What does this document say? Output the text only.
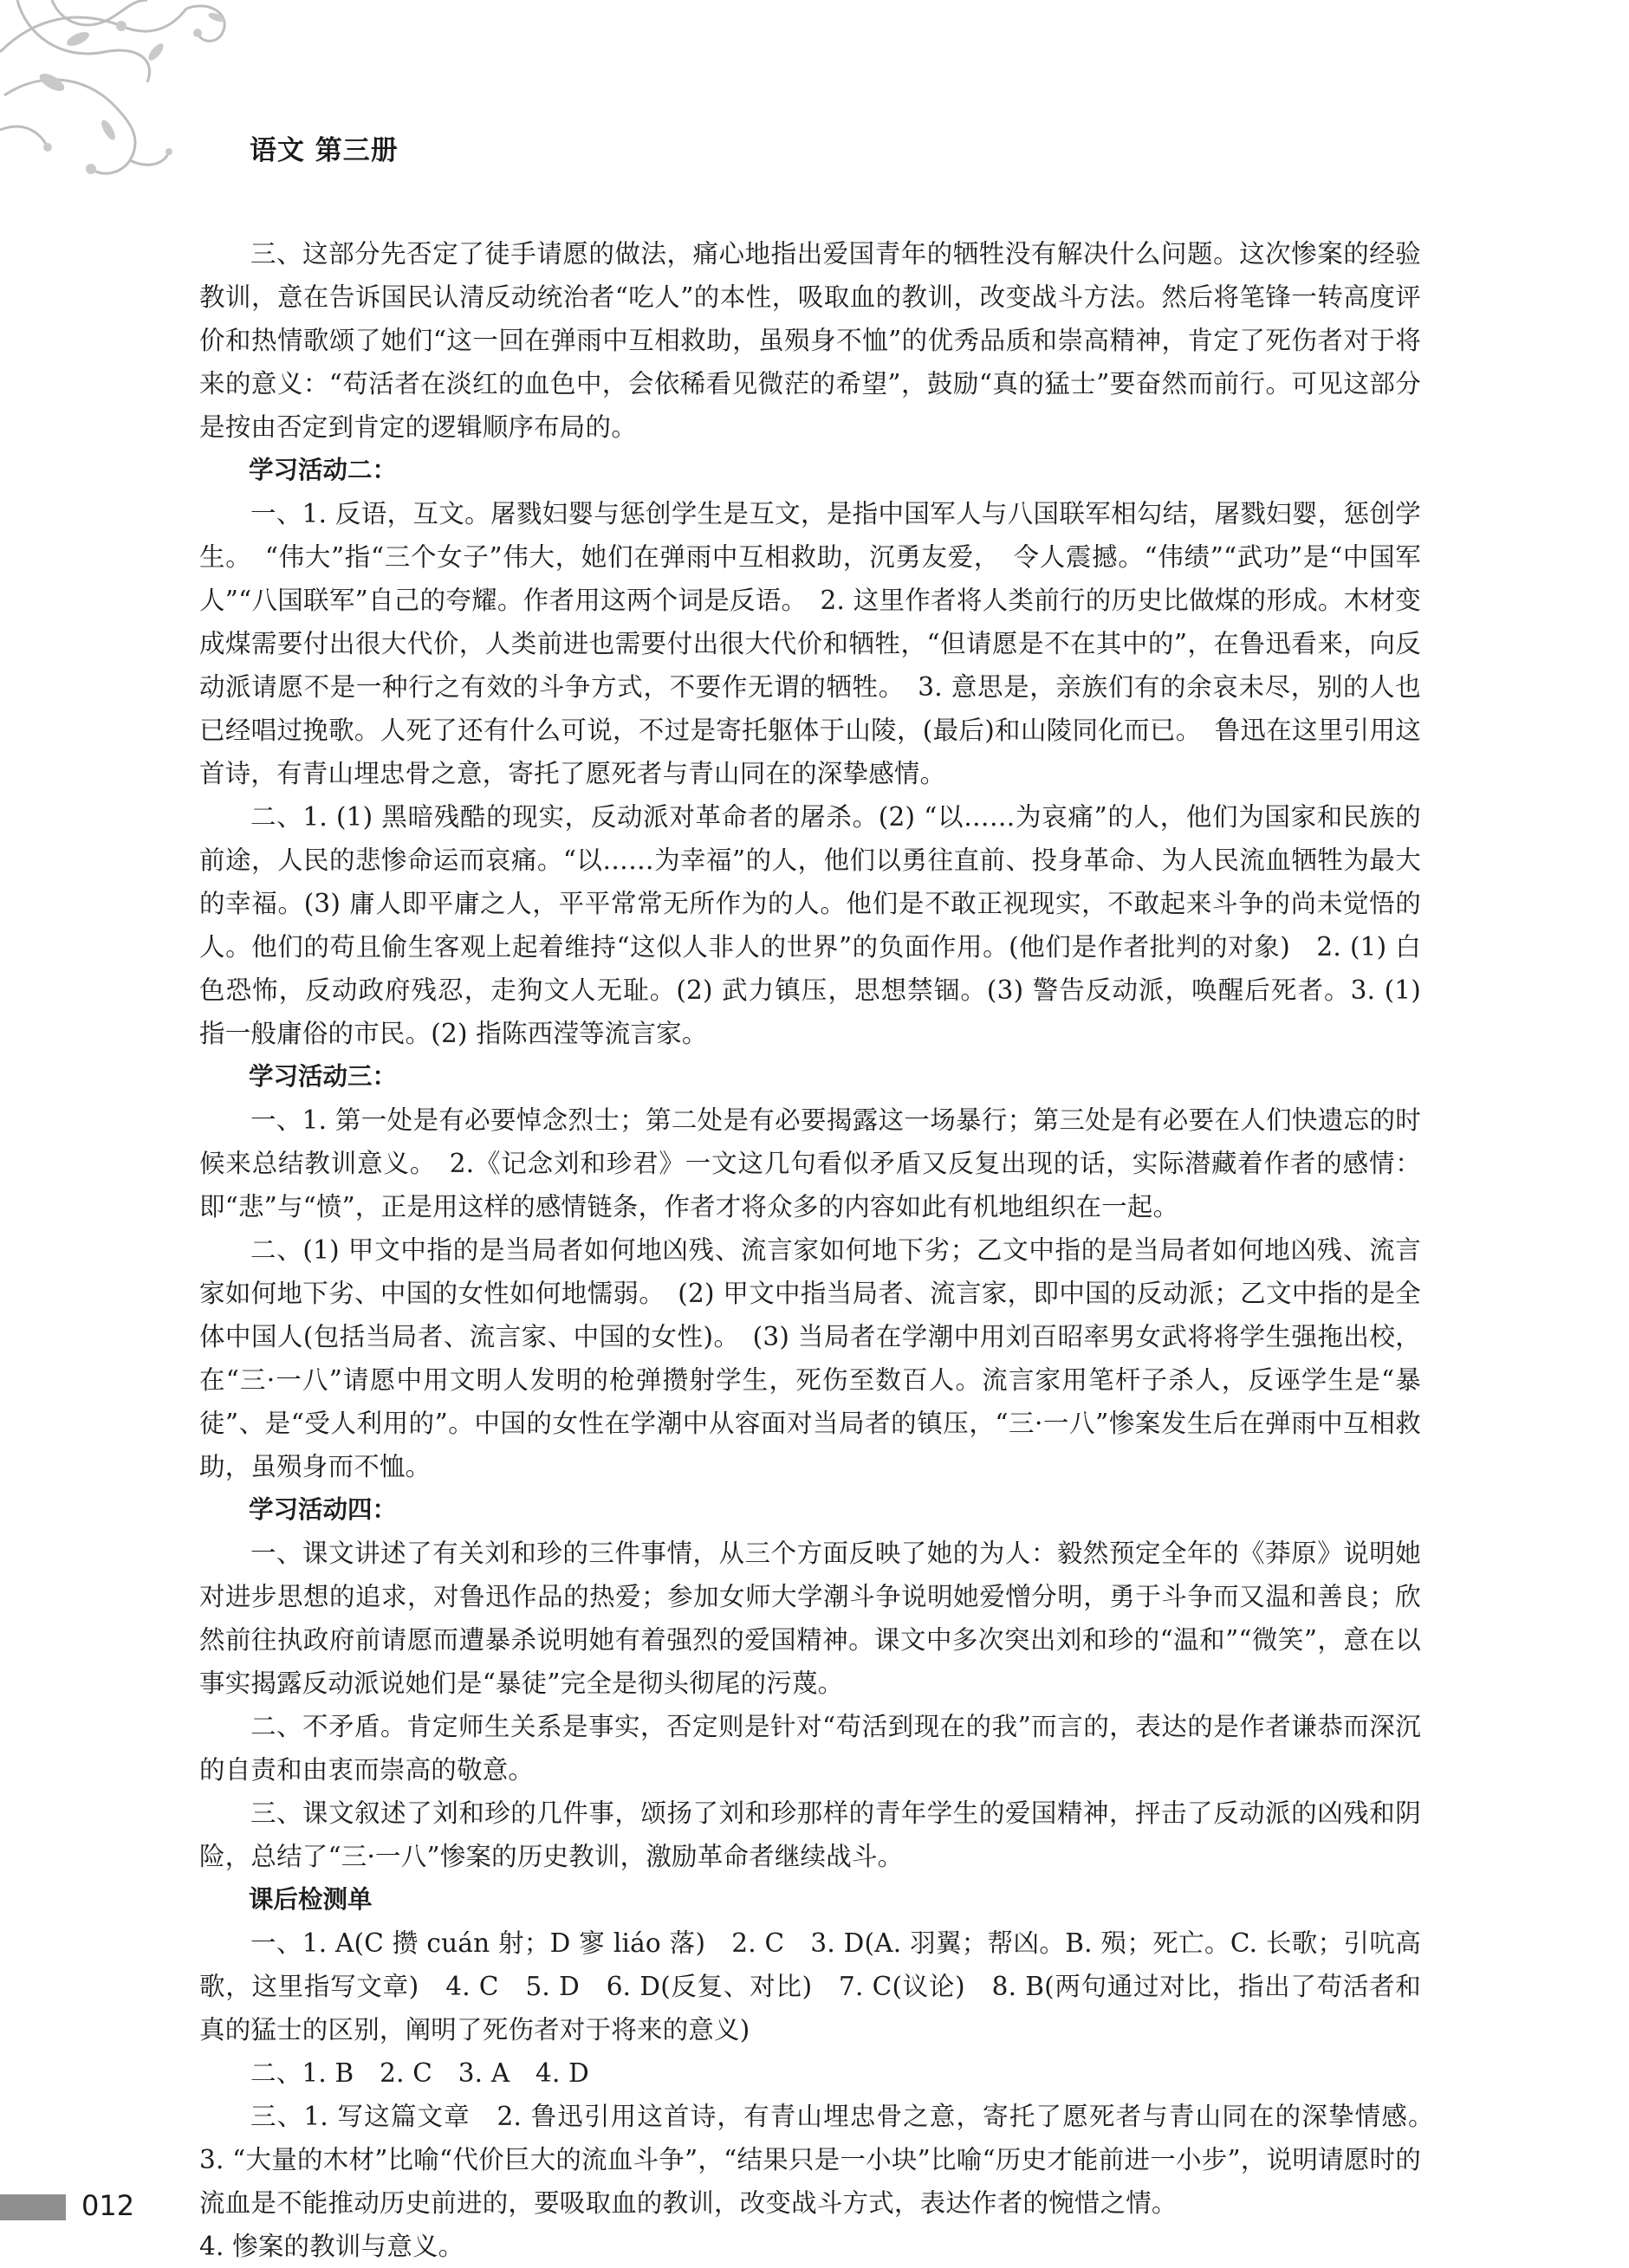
语文 第三册

三、这部分先否定了徒手请愿的做法，痛心地指出爱国青年的牺牲没有解决什么问题。这次惨案的经验教训，意在告诉国民认清反动统治者“吃人”的本性，吸取血的教训，改变战斗方法。然后将笔锋一转高度评价和热情歌颂了她们“这一回在弹雨中互相救助，虽殒身不恤”的优秀品质和崇高精神，肯定了死伤者对于将来的意义：“苟活者在淡红的血色中，会依稀看见微茫的希望”，鼓励“真的猛士”要奋然而前行。可见这部分是按由否定到肯定的逻辑顺序布局的。

学习活动二：

一、1. 反语，互文。屠戮妇婴与惩创学生是互文，是指中国军人与八国联军相勾结，屠戮妇婴，惩创学生。　“伟大”指“三个女子”伟大，她们在弹雨中互相救助，沉勇友爱，　令人震撼。“伟绩”“武功”是“中国军人”“八国联军”自己的夸耀。作者用这两个词是反语。　2. 这里作者将人类前行的历史比做煤的形成。木材变成煤需要付出很大代价，人类前进也需要付出很大代价和牺牲，“但请愿是不在其中的”，在鲁迅看来，向反动派请愿不是一种行之有效的斗争方式，不要作无谓的牺牲。　3. 意思是，亲族们有的余哀未尽，别的人也已经唱过挽歌。人死了还有什么可说，不过是寄托躯体于山陵，(最后)和山陵同化而已。　鲁迅在这里引用这首诗，有青山埋忠骨之意，寄托了愿死者与青山同在的深挚感情。

二、1. (1) 黑暗残酷的现实，反动派对革命者的屠杀。(2) “以……为哀痛”的人，他们为国家和民族的前途，人民的悲惨命运而哀痛。“以……为幸福”的人，他们以勇往直前、投身革命、为人民流血牺牲为最大的幸福。(3) 庸人即平庸之人，平平常常无所作为的人。他们是不敢正视现实，不敢起来斗争的尚未觉悟的人。他们的苟且偷生客观上起着维持“这似人非人的世界”的负面作用。(他们是作者批判的对象)　2. (1) 白色恐怖，反动政府残忍，走狗文人无耻。(2) 武力镇压，思想禁锢。(3) 警告反动派，唤醒后死者。3. (1) 指一般庸俗的市民。(2) 指陈西滢等流言家。

学习活动三：

一、1. 第一处是有必要悼念烈士；第二处是有必要揭露这一场暴行；第三处是有必要在人们快遗忘的时候来总结教训意义。　2.《记念刘和珍君》一文这几句看似矛盾又反复出现的话，实际潜藏着作者的感情：即“悲”与“愤”，正是用这样的感情链条，作者才将众多的内容如此有机地组织在一起。

二、(1) 甲文中指的是当局者如何地凶残、流言家如何地下劣；乙文中指的是当局者如何地凶残、流言家如何地下劣、中国的女性如何地懦弱。　(2) 甲文中指当局者、流言家，即中国的反动派；乙文中指的是全体中国人(包括当局者、流言家、中国的女性)。　(3) 当局者在学潮中用刘百昭率男女武将将学生强拖出校，在“三·一八”请愿中用文明人发明的枪弹攒射学生，死伤至数百人。流言家用笔杆子杀人，反诬学生是“暴徒”、是“受人利用的”。中国的女性在学潮中从容面对当局者的镇压，“三·一八”惨案发生后在弹雨中互相救助，虽殒身而不恤。

学习活动四：

一、课文讲述了有关刘和珍的三件事情，从三个方面反映了她的为人：毅然预定全年的《莽原》说明她对进步思想的追求，对鲁迅作品的热爱；参加女师大学潮斗争说明她爱憎分明，勇于斗争而又温和善良；欣然前往执政府前请愿而遭暴杀说明她有着强烈的爱国精神。课文中多次突出刘和珍的“温和”“微笑”，意在以事实揭露反动派说她们是“暴徒”完全是彻头彻尾的污蔑。

二、不矛盾。肯定师生关系是事实，否定则是针对“苟活到现在的我”而言的，表达的是作者谦恭而深沉的自责和由衷而崇高的敬意。

三、课文叙述了刘和珍的几件事，颂扬了刘和珍那样的青年学生的爱国精神，抨击了反动派的凶残和阴险，总结了“三·一八”惨案的历史教训，激励革命者继续战斗。

课后检测单

一、1. A(C 攒 cuán 射；D 寥 liáo 落)　2. C　3. D(A. 羽翼；帮凶。B. 殒；死亡。C. 长歌；引吭高歌，这里指写文章)　4. C　5. D　6. D(反复、对比)　7. C(议论)　8. B(两句通过对比，指出了苟活者和真的猛士的区别，阐明了死伤者对于将来的意义)

二、1. B　2. C　3. A　4. D

三、1. 写这篇文章　2. 鲁迅引用这首诗，有青山埋忠骨之意，寄托了愿死者与青山同在的深挚情感。　3. “大量的木材”比喻“代价巨大的流血斗争”，“结果只是一小块”比喻“历史才能前进一小步”，说明请愿时的流血是不能推动历史前进的，要吸取血的教训，改变战斗方式，表达作者的惋惜之情。

4. 惨案的教训与意义。

012
